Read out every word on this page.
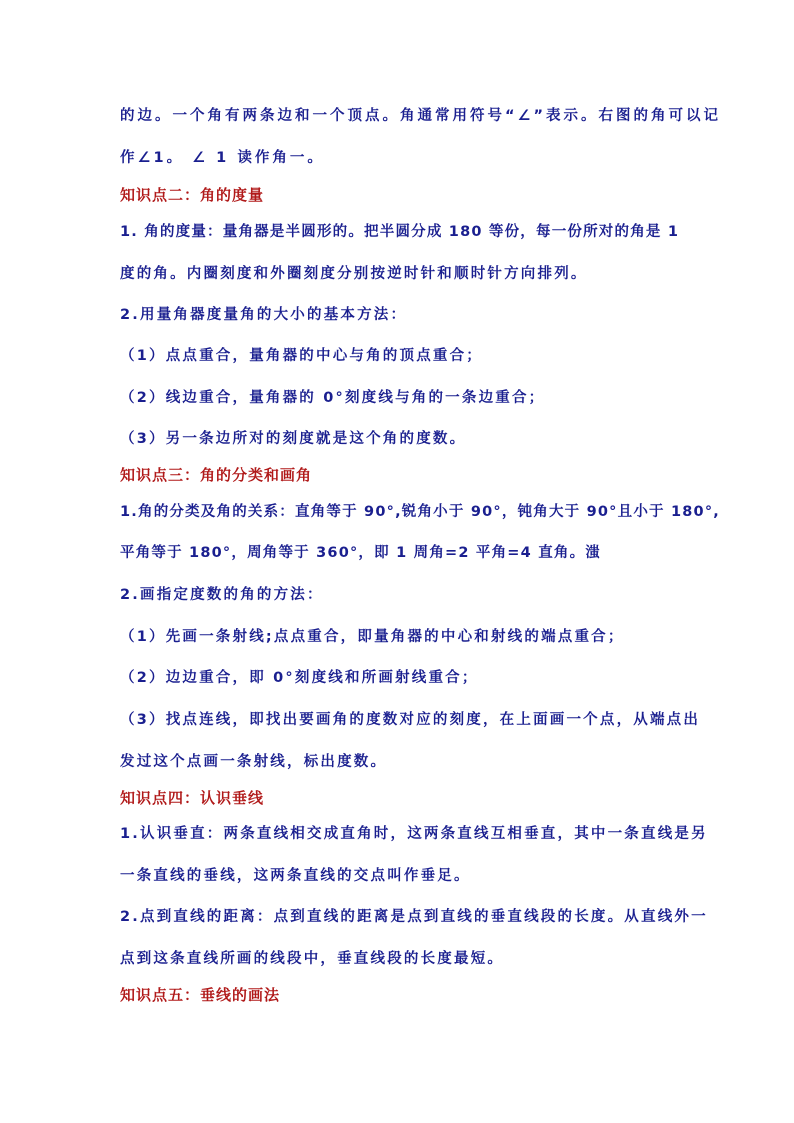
的边。一个角有两条边和一个顶点。角通常用符号“∠”表示。右图的角可以记
作∠1。 ∠ 1 读作角一。
知识点二：角的度量
1. 角的度量：量角器是半圆形的。把半圆分成 180 等份，每一份所对的角是 1
度的角。内圈刻度和外圈刻度分别按逆时针和顺时针方向排列。
2.用量角器度量角的大小的基本方法：
（1）点点重合，量角器的中心与角的顶点重合；
（2）线边重合，量角器的 0°刻度线与角的一条边重合；
（3）另一条边所对的刻度就是这个角的度数。
知识点三：角的分类和画角
1.角的分类及角的关系：直角等于 90°,锐角小于 90°，钝角大于 90°且小于 180°,
平角等于 180°，周角等于 360°，即 1 周角=2 平角=4 直角。滍
2.画指定度数的角的方法：
（1）先画一条射线;点点重合，即量角器的中心和射线的端点重合；
（2）边边重合，即 0°刻度线和所画射线重合；
（3）找点连线，即找出要画角的度数对应的刻度，在上面画一个点，从端点出
发过这个点画一条射线，标出度数。
知识点四：认识垂线
1.认识垂直：两条直线相交成直角时，这两条直线互相垂直，其中一条直线是另
一条直线的垂线，这两条直线的交点叫作垂足。
2.点到直线的距离：点到直线的距离是点到直线的垂直线段的长度。从直线外一
点到这条直线所画的线段中，垂直线段的长度最短。
知识点五：垂线的画法
